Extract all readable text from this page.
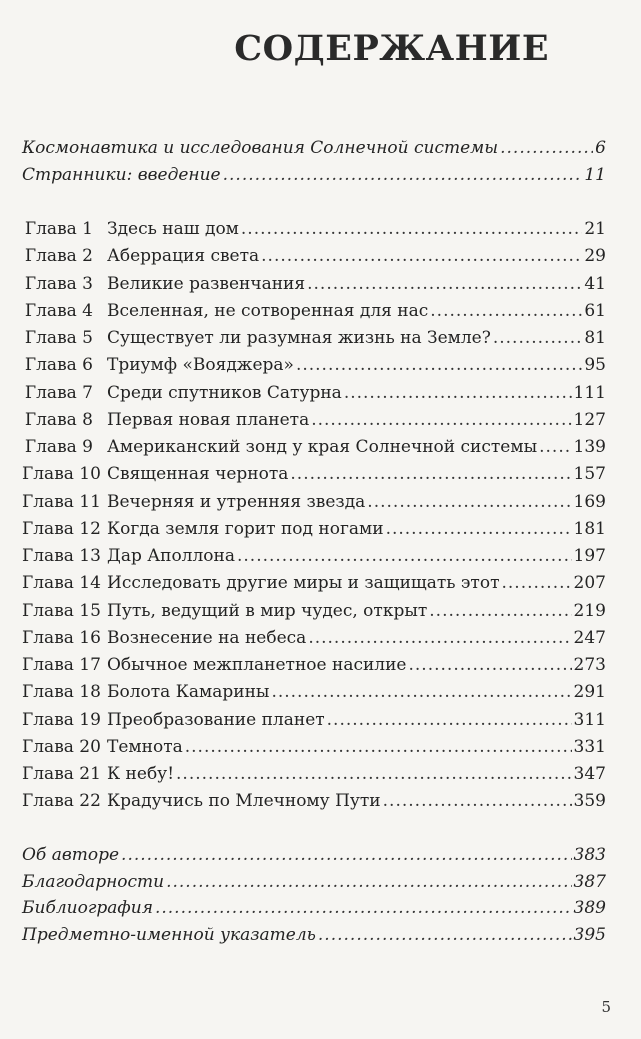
СОДЕРЖАНИЕ
Космонавтика и исследования Солнечной системы .....	6
Странники: введение .....	11
Глава 1 Здесь наш дом .....	21
Глава 2 Аберрация света .....	29
Глава 3 Великие развенчания .....	41
Глава 4 Вселенная, не сотворенная для нас .....	61
Глава 5 Существует ли разумная жизнь на Земле? .....	81
Глава 6 Триумф «Вояджера» .....	95
Глава 7 Среди спутников Сатурна .....	111
Глава 8 Первая новая планета .....	127
Глава 9 Американский зонд у края Солнечной системы ..... 139
Глава 10 Священная чернота .....	157
Глава 11 Вечерняя и утренняя звезда .....	169
Глава 12 Когда земля горит под ногами .....	181
Глава 13 Дар Аполлона .....	197
Глава 14 Исследовать другие миры и защищать этот .....	207
Глава 15 Путь, ведущий в мир чудес, открыт .....	219
Глава 16 Вознесение на небеса .....	247
Глава 17 Обычное межпланетное насилие .....	273
Глава 18 Болота Камарины .....	291
Глава 19 Преобразование планет .....	311
Глава 20 Темнота .....	331
Глава 21 К небу! .....	347
Глава 22 Крадучись по Млечному Пути .....	359
Об авторе .....	383
Благодарности .....	387
Библиография .....	389
Предметно-именной указатель .....	395
5
